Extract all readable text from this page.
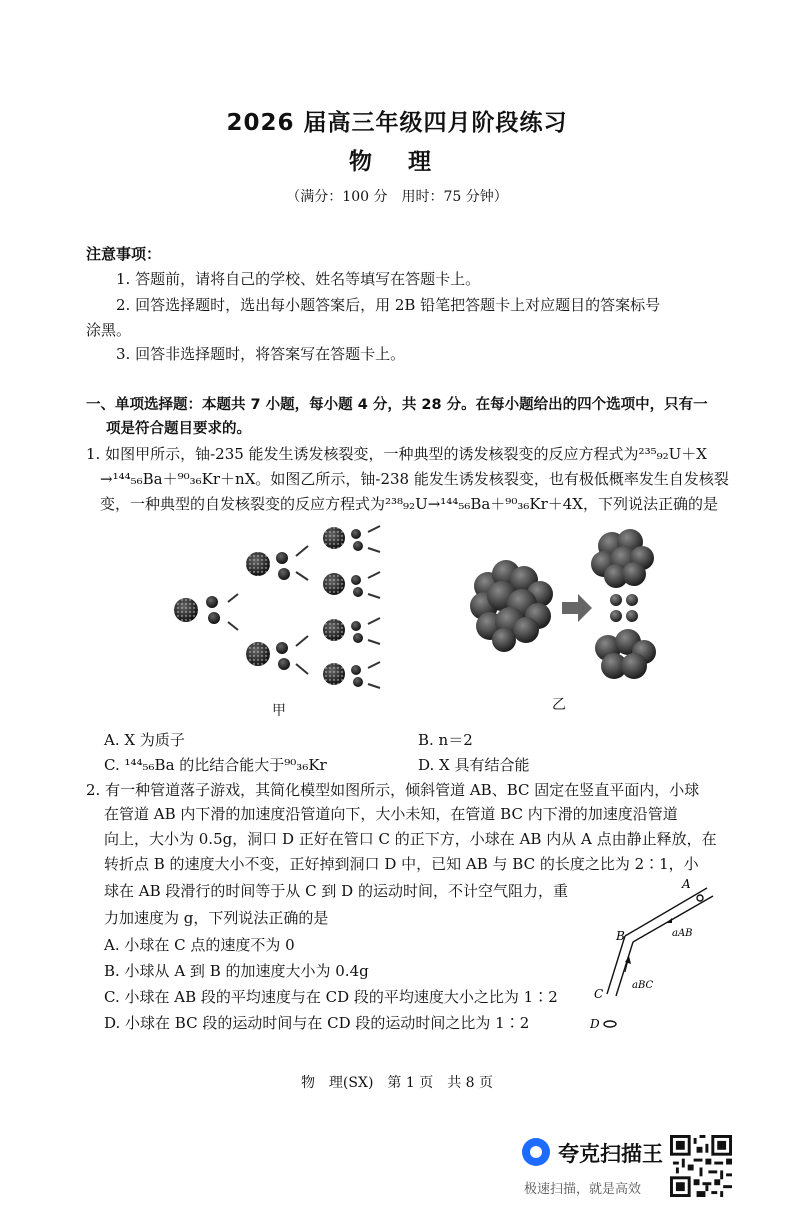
2026 届高三年级四月阶段练习
物 理
（满分：100 分　用时：75 分钟）
注意事项：
1. 答题前，请将自己的学校、姓名等填写在答题卡上。
2. 回答选择题时，选出每小题答案后，用 2B 铅笔把答题卡上对应题目的答案标号
涂黑。
3. 回答非选择题时，将答案写在答题卡上。
一、单项选择题：本题共 7 小题，每小题 4 分，共 28 分。在每小题给出的四个选项中，只有一
项是符合题目要求的。
1. 如图甲所示，铀-235 能发生诱发核裂变，一种典型的诱发核裂变的反应方程式为²³⁵₉₂U＋X
→¹⁴⁴₅₆Ba＋⁹⁰₃₆Kr＋nX。如图乙所示，铀-238 能发生诱发核裂变，也有极低概率发生自发核裂
变，一种典型的自发核裂变的反应方程式为²³⁸₉₂U→¹⁴⁴₅₆Ba＋⁹⁰₃₆Kr＋4X，下列说法正确的是
甲	乙
A. X 为质子	B. n＝2
C. ¹⁴⁴₅₆Ba 的比结合能大于⁹⁰₃₆Kr	D. X 具有结合能
2. 有一种管道落子游戏，其简化模型如图所示，倾斜管道 AB、BC 固定在竖直平面内，小球
在管道 AB 内下滑的加速度沿管道向下，大小未知，在管道 BC 内下滑的加速度沿管道
向上，大小为 0.5g，洞口 D 正好在管口 C 的正下方，小球在 AB 内从 A 点由静止释放，在
转折点 B 的速度大小不变，正好掉到洞口 D 中，已知 AB 与 BC 的长度之比为 2∶1，小
球在 AB 段滑行的时间等于从 C 到 D 的运动时间，不计空气阻力，重
力加速度为 g，下列说法正确的是
A. 小球在 C 点的速度不为 0
B. 小球从 A 到 B 的加速度大小为 0.4g
C. 小球在 AB 段的平均速度与在 CD 段的平均速度大小之比为 1∶2
D. 小球在 BC 段的运动时间与在 CD 段的运动时间之比为 1∶2
A
B
C
D
aAB
aBC
物　理(SX)　第 1 页　共 8 页
夸克扫描王
极速扫描，就是高效
